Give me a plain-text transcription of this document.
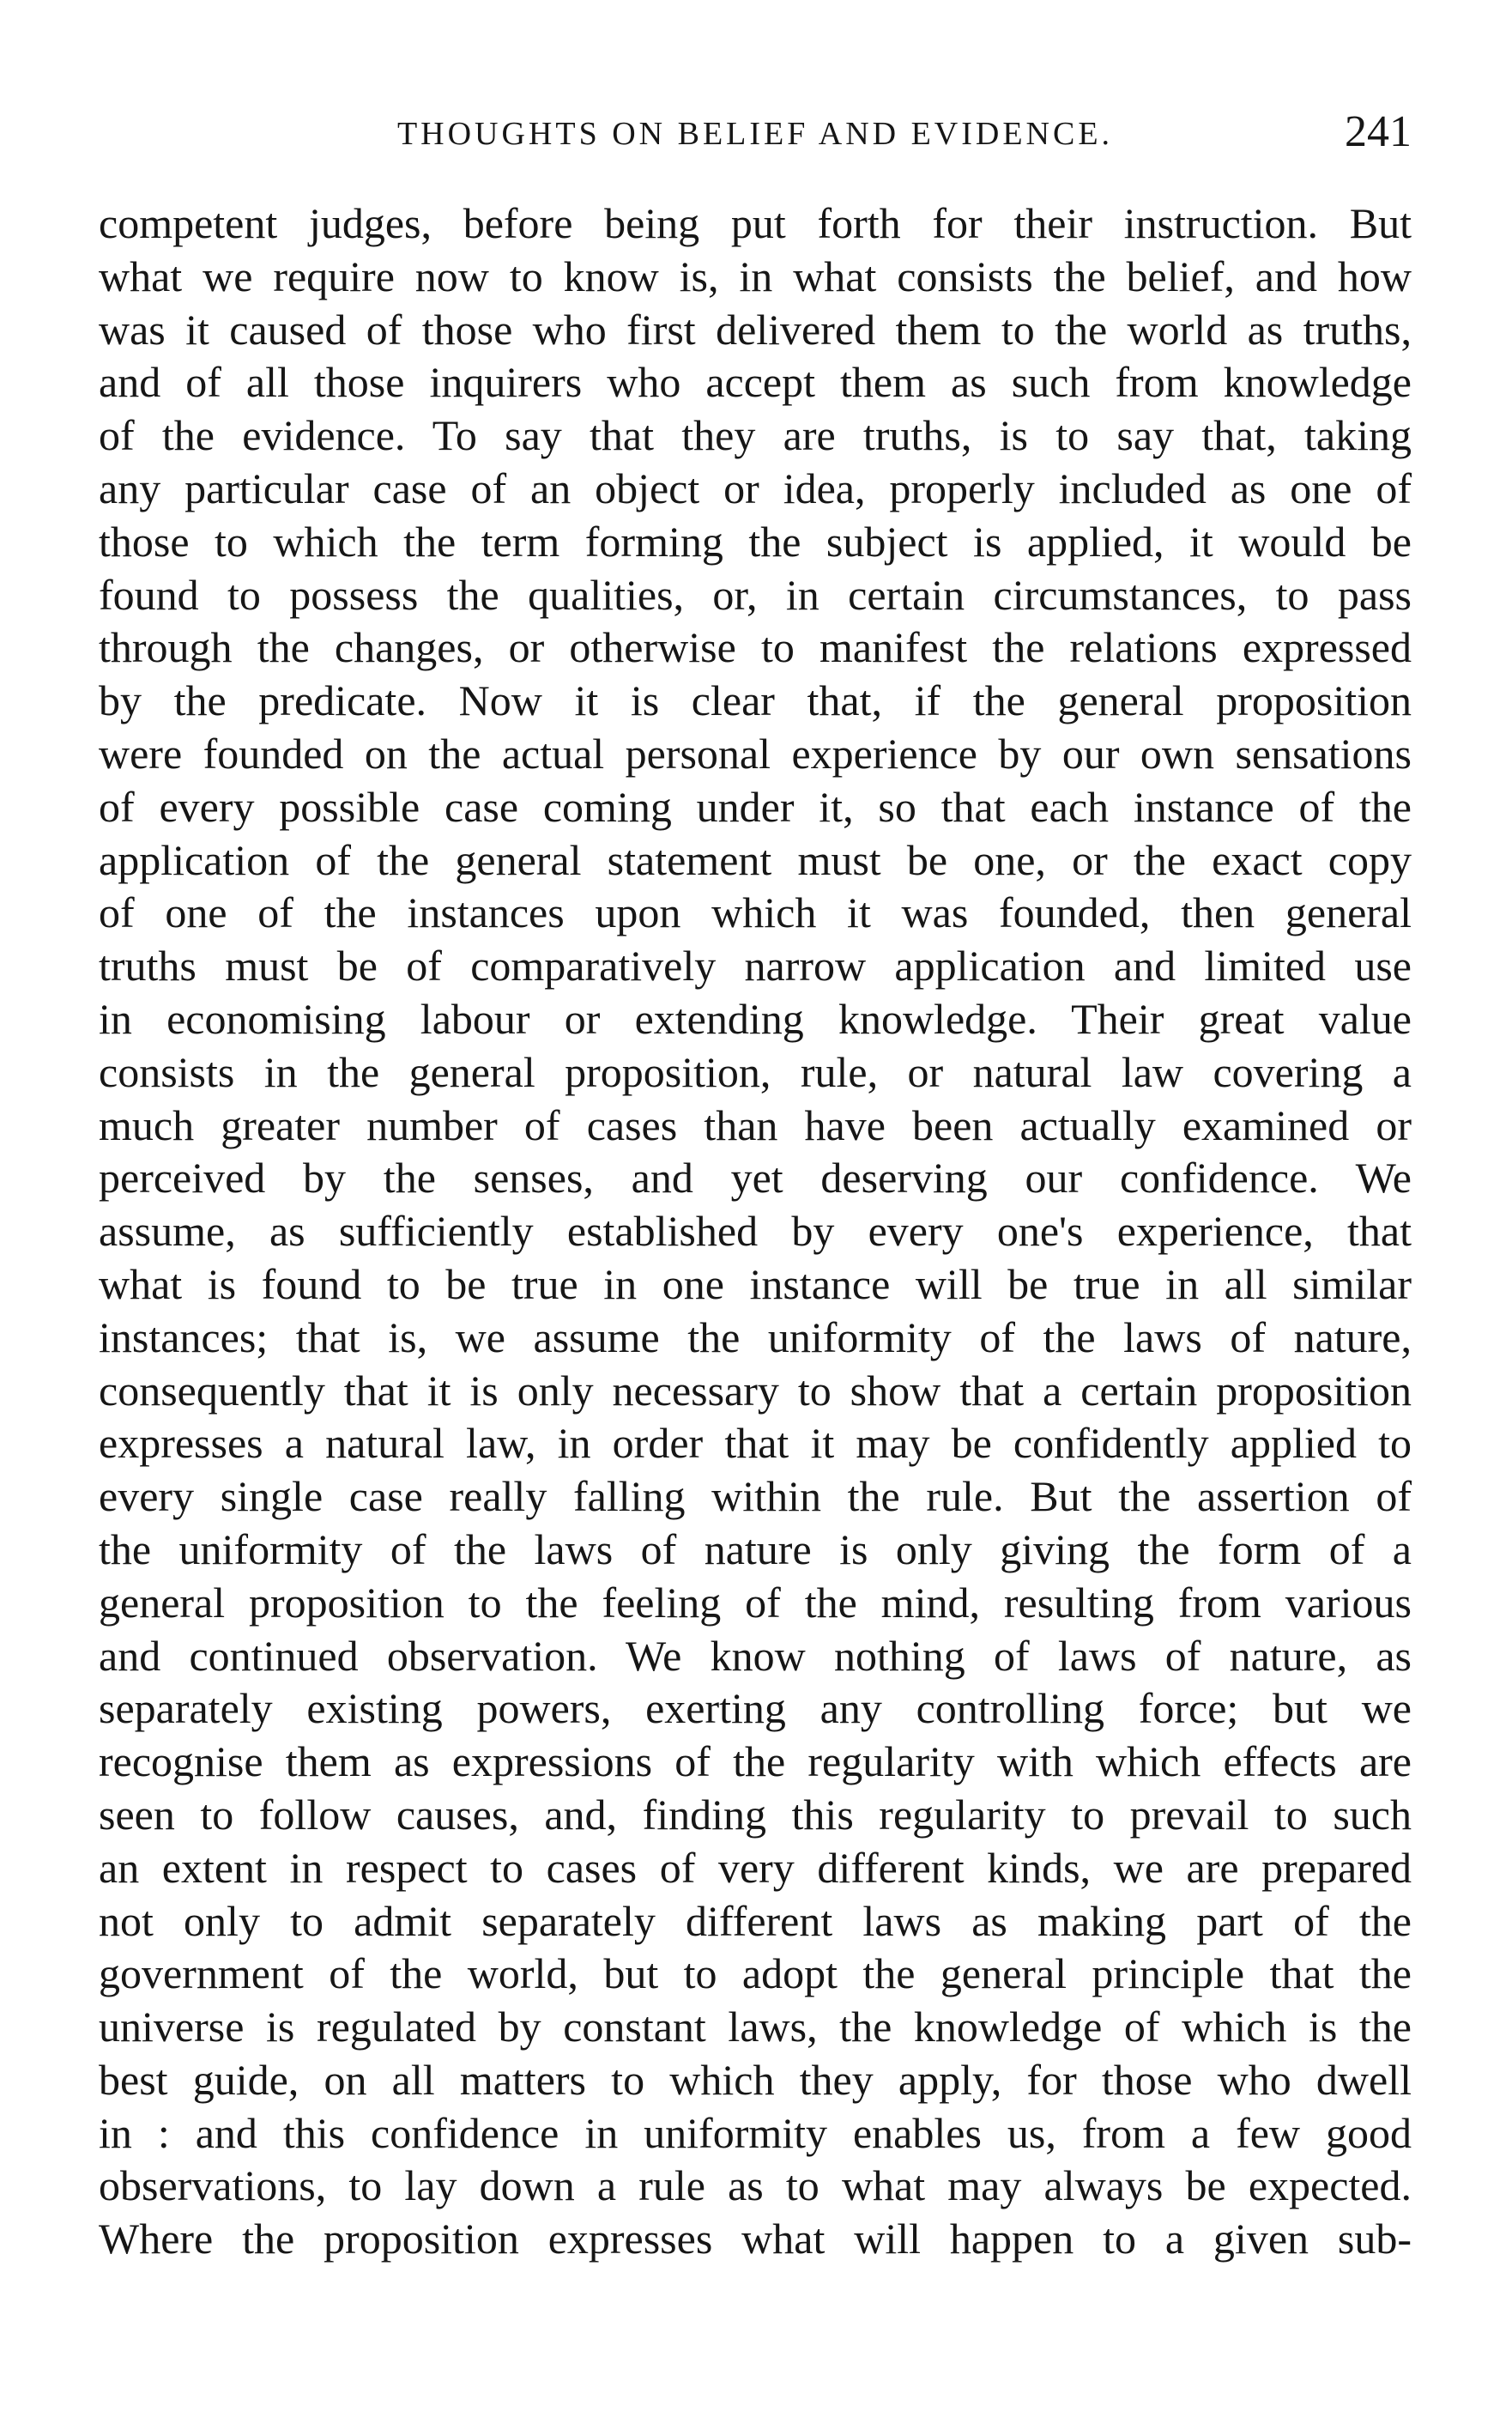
THOUGHTS ON BELIEF AND EVIDENCE.	241
competent judges, before being put forth for their instruction. But
what we require now to know is, in what consists the belief, and how
was it caused of those who first delivered them to the world as truths,
and of all those inquirers who accept them as such from knowledge
of the evidence. To say that they are truths, is to say that, taking
any particular case of an object or idea, properly included as one of
those to which the term forming the subject is applied, it would be
found to possess the qualities, or, in certain circumstances, to pass
through the changes, or otherwise to manifest the relations expressed
by the predicate. Now it is clear that, if the general proposition
were founded on the actual personal experience by our own sensations
of every possible case coming under it, so that each instance of the
application of the general statement must be one, or the exact copy
of one of the instances upon which it was founded, then general
truths must be of comparatively narrow application and limited use
in economising labour or extending knowledge. Their great value
consists in the general proposition, rule, or natural law covering a
much greater number of cases than have been actually examined or
perceived by the senses, and yet deserving our confidence. We
assume, as sufficiently established by every one's experience, that
what is found to be true in one instance will be true in all similar
instances; that is, we assume the uniformity of the laws of nature,
consequently that it is only necessary to show that a certain proposition
expresses a natural law, in order that it may be confidently applied to
every single case really falling within the rule. But the assertion of
the uniformity of the laws of nature is only giving the form of a
general proposition to the feeling of the mind, resulting from various
and continued observation. We know nothing of laws of nature, as
separately existing powers, exerting any controlling force; but we
recognise them as expressions of the regularity with which effects are
seen to follow causes, and, finding this regularity to prevail to such
an extent in respect to cases of very different kinds, we are prepared
not only to admit separately different laws as making part of the
government of the world, but to adopt the general principle that the
universe is regulated by constant laws, the knowledge of which is the
best guide, on all matters to which they apply, for those who dwell
in : and this confidence in uniformity enables us, from a few good
observations, to lay down a rule as to what may always be expected.
Where the proposition expresses what will happen to a given sub-
